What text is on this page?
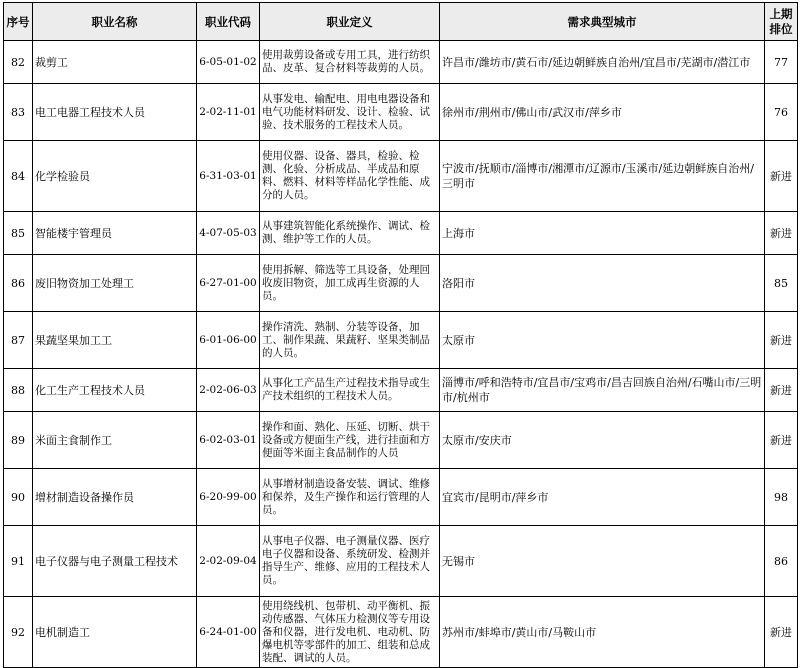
序号	职业名称	职业代码	职业定义	需求典型城市	上期
排位
82	裁剪工	6-05-01-02	使用裁剪设备或专用工具，进行纺织品、皮革、复合材料等裁剪的人员。	许昌市/潍坊市/黄石市/延边朝鲜族自治州/宜昌市/芜湖市/潜江市	77
83	电工电器工程技术人员	2-02-11-01	从事发电、输配电、用电电器设备和电气功能材料研发、设计、检验、试验、技术服务的工程技术人员。	徐州市/荆州市/佛山市/武汉市/萍乡市	76
84	化学检验员	6-31-03-01	使用仪器、设备、器具，检验、检测、化验、分析成品、半成品和原料、燃料、材料等样品化学性能、成分的人员。	宁波市/抚顺市/淄博市/湘潭市/辽源市/玉溪市/延边朝鲜族自治州/三明市	新进
85	智能楼宇管理员	4-07-05-03	从事建筑智能化系统操作、调试、检测、维护等工作的人员。	上海市	新进
86	废旧物资加工处理工	6-27-01-00	使用拆解、筛选等工具设备，处理回收废旧物资，加工成再生资源的人员。	洛阳市	85
87	果蔬坚果加工工	6-01-06-00	操作清洗、熟制、分装等设备，加工、制作果蔬、果蔬籽、坚果类制品的人员。	太原市	新进
88	化工生产工程技术人员	2-02-06-03	从事化工产品生产过程技术指导或生产技术组织的工程技术人员。	淄博市/呼和浩特市/宜昌市/宝鸡市/昌吉回族自治州/石嘴山市/三明市/杭州市	新进
89	米面主食制作工	6-02-03-01	操作和面、熟化、压延、切断、烘干设备或方便面生产线，进行挂面和方便面等米面主食品制作的人员	太原市/安庆市	新进
90	增材制造设备操作员	6-20-99-00	从事增材制造设备安装、调试、维修和保养，及生产操作和运行管理的人员。	宜宾市/昆明市/萍乡市	98
91	电子仪器与电子测量工程技术	2-02-09-04	从事电子仪器、电子测量仪器、医疗电子仪器和设备、系统研发、检测并指导生产、维修、应用的工程技术人员。	无锡市	86
92	电机制造工	6-24-01-00	使用绕线机、包带机、动平衡机、振动传感器、气体压力检测仪等专用设备和仪器，进行发电机、电动机、防爆电机等零部件的加工、组装和总成装配、调试的人员。	苏州市/蚌埠市/黄山市/马鞍山市	新进
